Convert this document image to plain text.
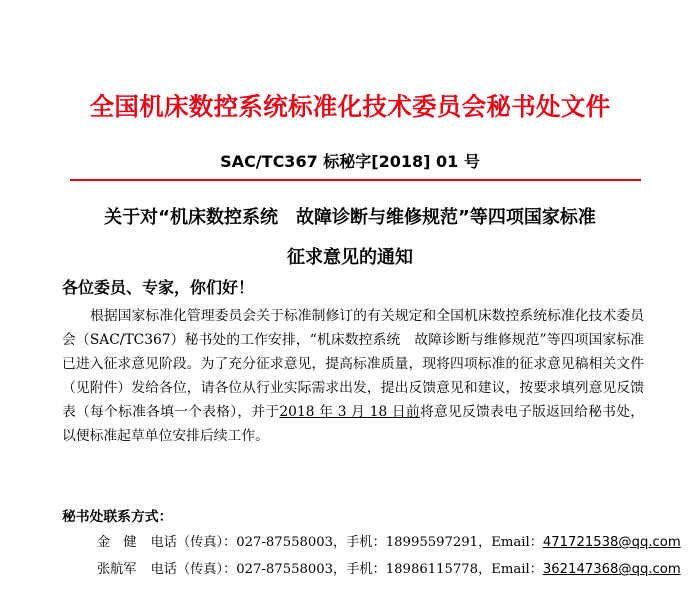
全国机床数控系统标准化技术委员会秘书处文件
SAC/TC367 标秘字[2018] 01 号
关于对“机床数控系统　故障诊断与维修规范”等四项国家标准
征求意见的通知
各位委员、专家，你们好！

根据国家标准化管理委员会关于标准制修订的有关规定和全国机床数控系统标准化技术委员会（SAC/TC367）秘书处的工作安排，“机床数控系统　故障诊断与维修规范”等四项国家标准已进入征求意见阶段。为了充分征求意见，提高标准质量，现将四项标准的征求意见稿相关文件（见附件）发给各位，请各位从行业实际需求出发，提出反馈意见和建议，按要求填列意见反馈表（每个标准各填一个表格），并于2018 年 3 月 18 日前将意见反馈表电子版返回给秘书处，以便标准起草单位安排后续工作。

秘书处联系方式：
金　健 电话（传真）：027-87558003，手机：18995597291，Email：471721538@qq.com
张航军 电话（传真）：027-87558003，手机：18986115778，Email：362147368@qq.com
